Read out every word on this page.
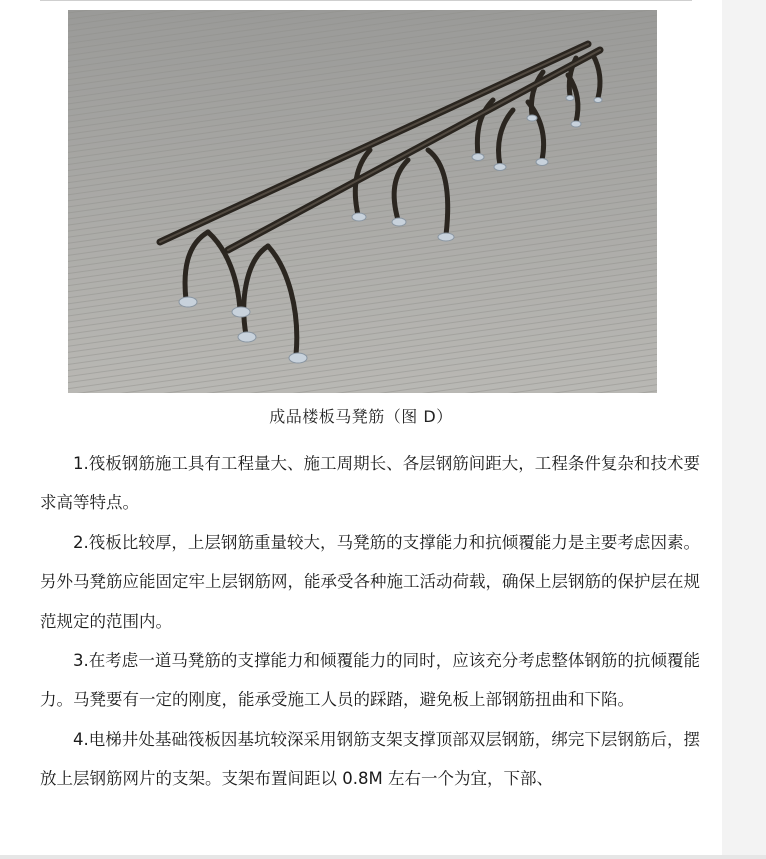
成品楼板马凳筋（图 D）

1.筏板钢筋施工具有工程量大、施工周期长、各层钢筋间距大，工程条件复杂和技术要求高等特点。

2.筏板比较厚，上层钢筋重量较大，马凳筋的支撑能力和抗倾覆能力是主要考虑因素。另外马凳筋应能固定牢上层钢筋网，能承受各种施工活动荷载，确保上层钢筋的保护层在规范规定的范围内。

3.在考虑一道马凳筋的支撑能力和倾覆能力的同时，应该充分考虑整体钢筋的抗倾覆能力。马凳要有一定的刚度，能承受施工人员的踩踏，避免板上部钢筋扭曲和下陷。

4.电梯井处基础筏板因基坑较深采用钢筋支架支撑顶部双层钢筋，绑完下层钢筋后，摆放上层钢筋网片的支架。支架布置间距以 0.8M 左右一个为宜，下部、
